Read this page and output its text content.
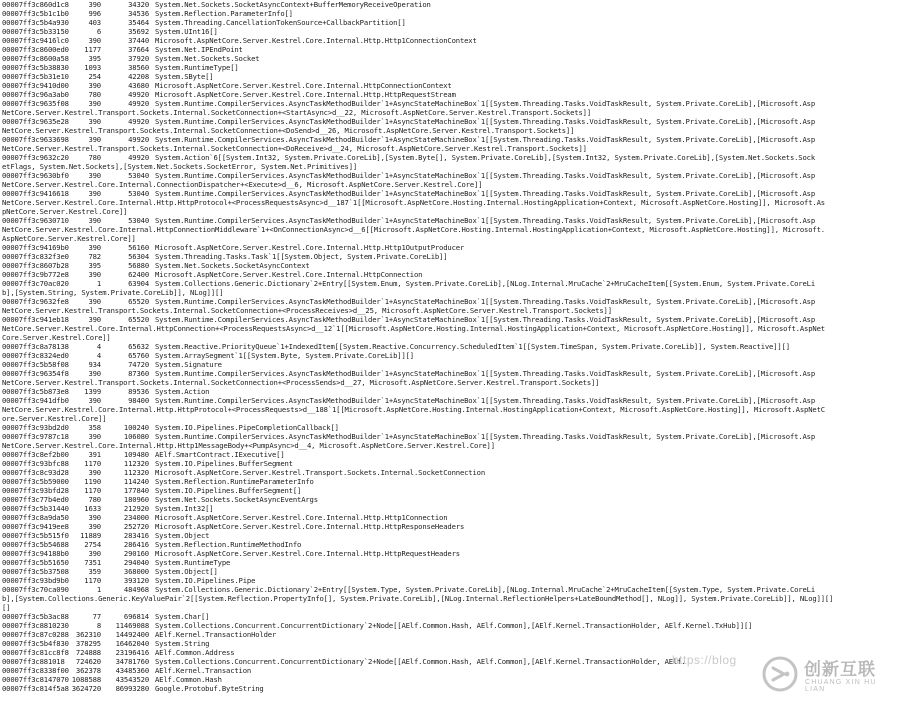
00007ff3c860d1c8	390	34320 System.Net.Sockets.SocketAsyncContext+BufferMemoryReceiveOperation
00007ff3c5b1c1b0	996	34536 System.Reflection.ParameterInfo[]
00007ff3c5b4a930	403	35464 System.Threading.CancellationTokenSource+CallbackPartition[]
00007ff3c5b33150	6	35692 System.UInt16[]
00007ff3c9416lc0	390	37440 Microsoft.AspNetCore.Server.Kestrel.Core.Internal.Http.Http1ConnectionContext
00007ff3c8600ed0 1177	37664 System.Net.IPEndPoint
00007ff3c8600a58	395	37920 System.Net.Sockets.Socket
00007ff3c5b38830 1093	38560 System.RuntimeType[]
00007ff3c5b31e10	254	42208 System.SByte[]
00007ff3c9410d00	390	43680 Microsoft.AspNetCore.Server.Kestrel.Core.Internal.HttpConnectionContext
00007ff3c96a3ab0	780	49920 Microsoft.AspNetCore.Server.Kestrel.Core.Internal.Http.HttpRequestStream
00007ff3c9635f08	390	49920 System.Runtime.CompilerServices.AsyncTaskMethodBuilder`1+AsyncStateMachineBox`1[[System.Threading.Tasks.VoidTaskResult, System.Private.CoreLib],[Microsoft.Asp
NetCore.Server.Kestrel.Transport.Sockets.Internal.SocketConnection+<StartAsync>d__22, Microsoft.AspNetCore.Server.Kestrel.Transport.Sockets]]
00007ff3c9635e28	390	49920 System.Runtime.CompilerServices.AsyncTaskMethodBuilder`1+AsyncStateMachineBox`1[[System.Threading.Tasks.VoidTaskResult, System.Private.CoreLib],[Microsoft.Asp
NetCore.Server.Kestrel.Transport.Sockets.Internal.SocketConnection+<DoSend>d__26, Microsoft.AspNetCore.Server.Kestrel.Transport.Sockets]]
00007ff3c9633698	390	49920 System.Runtime.CompilerServices.AsyncTaskMethodBuilder`1+AsyncStateMachineBox`1[[System.Threading.Tasks.VoidTaskResult, System.Private.CoreLib],[Microsoft.Asp
NetCore.Server.Kestrel.Transport.Sockets.Internal.SocketConnection+<DoReceive>d__24, Microsoft.AspNetCore.Server.Kestrel.Transport.Sockets]]
00007ff3c9632c20	780	49920 System.Action`6[[System.Int32, System.Private.CoreLib],[System.Byte[], System.Private.CoreLib],[System.Int32, System.Private.CoreLib],[System.Net.Sockets.Sock
etFlags, System.Net.Sockets],[System.Net.Sockets.SocketError, System.Net.Primitives]]
00007ff3c9630bf0	390	53040 System.Runtime.CompilerServices.AsyncTaskMethodBuilder`1+AsyncStateMachineBox`1[[System.Threading.Tasks.VoidTaskResult, System.Private.CoreLib],[Microsoft.Asp
NetCore.Server.Kestrel.Core.Internal.ConnectionDispatcher+<Execute>d__6, Microsoft.AspNetCore.Server.Kestrel.Core]]
00007ff3c9416618	390	53040 System.Runtime.CompilerServices.AsyncTaskMethodBuilder`1+AsyncStateMachineBox`1[[System.Threading.Tasks.VoidTaskResult, System.Private.CoreLib],[Microsoft.Asp
NetCore.Server.Kestrel.Core.Internal.Http.HttpProtocol+<ProcessRequestsAsync>d__187`1[[Microsoft.AspNetCore.Hosting.Internal.HostingApplication+Context, Microsoft.AspNetCore.Hosting]], Microsoft.As
pNetCore.Server.Kestrel.Core]]
00007ff3c9630710	390	53040 System.Runtime.CompilerServices.AsyncTaskMethodBuilder`1+AsyncStateMachineBox`1[[System.Threading.Tasks.VoidTaskResult, System.Private.CoreLib],[Microsoft.Asp
NetCore.Server.Kestrel.Core.Internal.HttpConnectionMiddleware`1+<OnConnectionAsync>d__6[[Microsoft.AspNetCore.Hosting.Internal.HostingApplication+Context, Microsoft.AspNetCore.Hosting]], Microsoft.
AspNetCore.Server.Kestrel.Core]]
00007ff3c94169b0	390	56160 Microsoft.AspNetCore.Server.Kestrel.Core.Internal.Http.Http1OutputProducer
00007ff3c832f3e0	782	56304 System.Threading.Tasks.Task`1[[System.Object, System.Private.CoreLib]]
00007ff3c8607b28	395	56880 System.Net.Sockets.SocketAsyncContext
00007ff3c9b772e8	390	62400 Microsoft.AspNetCore.Server.Kestrel.Core.Internal.HttpConnection
00007ff3c70ac020	1	63904 System.Collections.Generic.Dictionary`2+Entry[[System.Enum, System.Private.CoreLib],[NLog.Internal.MruCache`2+MruCacheItem[[System.Enum, System.Private.CoreLi
b],[System.String, System.Private.CoreLib]], NLog]][]
00007ff3c9632fe8	390	65520 System.Runtime.CompilerServices.AsyncTaskMethodBuilder`1+AsyncStateMachineBox`1[[System.Threading.Tasks.VoidTaskResult, System.Private.CoreLib],[Microsoft.Asp
NetCore.Server.Kestrel.Transport.Sockets.Internal.SocketConnection+<ProcessReceives>d__25, Microsoft.AspNetCore.Server.Kestrel.Transport.Sockets]]
00007ff3c941eb18	390	65520 System.Runtime.CompilerServices.AsyncTaskMethodBuilder`1+AsyncStateMachineBox`1[[System.Threading.Tasks.VoidTaskResult, System.Private.CoreLib],[Microsoft.Asp
NetCore.Server.Kestrel.Core.Internal.HttpConnection+<ProcessRequestsAsync>d__12`1[[Microsoft.AspNetCore.Hosting.Internal.HostingApplication+Context, Microsoft.AspNetCore.Hosting]], Microsoft.AspNet
Core.Server.Kestrel.Core]]
00007ff3c8a78138	4	65632 System.Reactive.PriorityQueue`1+IndexedItem[[System.Reactive.Concurrency.ScheduledItem`1[[System.TimeSpan, System.Private.CoreLib]], System.Reactive]][]
00007ff3c8324ed0	4	65760 System.ArraySegment`1[[System.Byte, System.Private.CoreLib]][]
00007ff3c5b58f08	934	74720 System.Signature
00007ff3c96354f8	390	87360 System.Runtime.CompilerServices.AsyncTaskMethodBuilder`1+AsyncStateMachineBox`1[[System.Threading.Tasks.VoidTaskResult, System.Private.CoreLib],[Microsoft.Asp
NetCore.Server.Kestrel.Transport.Sockets.Internal.SocketConnection+<ProcessSends>d__27, Microsoft.AspNetCore.Server.Kestrel.Transport.Sockets]]
00007ff3c5b873e8 1399	89536 System.Action
00007ff3c941dfb0	390	98400 System.Runtime.CompilerServices.AsyncTaskMethodBuilder`1+AsyncStateMachineBox`1[[System.Threading.Tasks.VoidTaskResult, System.Private.CoreLib],[Microsoft.Asp
NetCore.Server.Kestrel.Core.Internal.Http.HttpProtocol+<ProcessRequests>d__188`1[[Microsoft.AspNetCore.Hosting.Internal.HostingApplication+Context, Microsoft.AspNetCore.Hosting]], Microsoft.AspNetC
ore.Server.Kestrel.Core]]
00007ff3c93bd2d0	358	100240 System.IO.Pipelines.PipeCompletionCallback[]
00007ff3c9787c18	390	106080 System.Runtime.CompilerServices.AsyncTaskMethodBuilder`1+AsyncStateMachineBox`1[[System.Threading.Tasks.VoidTaskResult, System.Private.CoreLib],[Microsoft.Asp
NetCore.Server.Kestrel.Core.Internal.Http.Http1MessageBody+<PumpAsync>d__4, Microsoft.AspNetCore.Server.Kestrel.Core]]
00007ff3c8ef2b00	391	109480 AElf.SmartContract.IExecutive[]
00007ff3c93bfc88 1170	112320 System.IO.Pipelines.BufferSegment
00007ff3c8c93d28	390	112320 Microsoft.AspNetCore.Server.Kestrel.Transport.Sockets.Internal.SocketConnection
00007ff3c5b59000 1190	114240 System.Reflection.RuntimeParameterInfo
00007ff3c93bfd28 1170	177840 System.IO.Pipelines.BufferSegment[]
00007ff3c77b4ed0	780	180960 System.Net.Sockets.SocketAsyncEventArgs
00007ff3c5b31440 1633	212920 System.Int32[]
00007ff3c8a9da50	390	234000 Microsoft.AspNetCore.Server.Kestrel.Core.Internal.Http.Http1Connection
00007ff3c9419ee8	390	252720 Microsoft.AspNetCore.Server.Kestrel.Core.Internal.Http.HttpResponseHeaders
00007ff3c5b515f0 11889	283416 System.Object
00007ff3c5b54688 2754	286416 System.Reflection.RuntimeMethodInfo
00007ff3c94188b0	390	290160 Microsoft.AspNetCore.Server.Kestrel.Core.Internal.Http.HttpRequestHeaders
00007ff3c5b51650 7351	294040 System.RuntimeType
00007ff3c5b37508	359	368000 System.Object[]
00007ff3c93bd9b0 1170	393120 System.IO.Pipelines.Pipe
00007ff3c70ca090	1	484968 System.Collections.Generic.Dictionary`2+Entry[[System.Type, System.Private.CoreLib],[NLog.Internal.MruCache`2+MruCacheItem[[System.Type, System.Private.CoreLi
b],[System.Collections.Generic.KeyValuePair`2[[System.Reflection.PropertyInfo[], System.Private.CoreLib],[NLog.Internal.ReflectionHelpers+LateBoundMethod[], NLog]], System.Private.CoreLib]], NLog]][]
[]
00007ff3c5b3ac88	77	696814 System.Char[]
00007ff3c8810230	8 11469088 System.Collections.Concurrent.ConcurrentDictionary`2+Node[[AElf.Common.Hash, AElf.Common],[AElf.Kernel.TransactionHolder, AElf.Kernel.TxHub]][]
00007ff3c87c0288 362310 14492400 AElf.Kernel.TransactionHolder
00007ff3c5b4f830 378295 16462040 System.String
00007ff3c81cc8f8 724888 23196416 AElf.Common.Address
00007ff3c881018 724620 34781760 System.Collections.Concurrent.ConcurrentDictionary`2+Node[[AElf.Common.Hash, AElf.Common],[AElf.Kernel.TransactionHolder, AElf.
00007ff3c8338f00 362378 43485360 AElf.Kernel.Transaction
00007ff3c8147070 1088588 43543520 AElf.Common.Hash
00007ff3c814f5a8 3624720 86993280 Google.Protobuf.ByteString
https://blog	创新互联
CHUANG XIN HU LIAN
